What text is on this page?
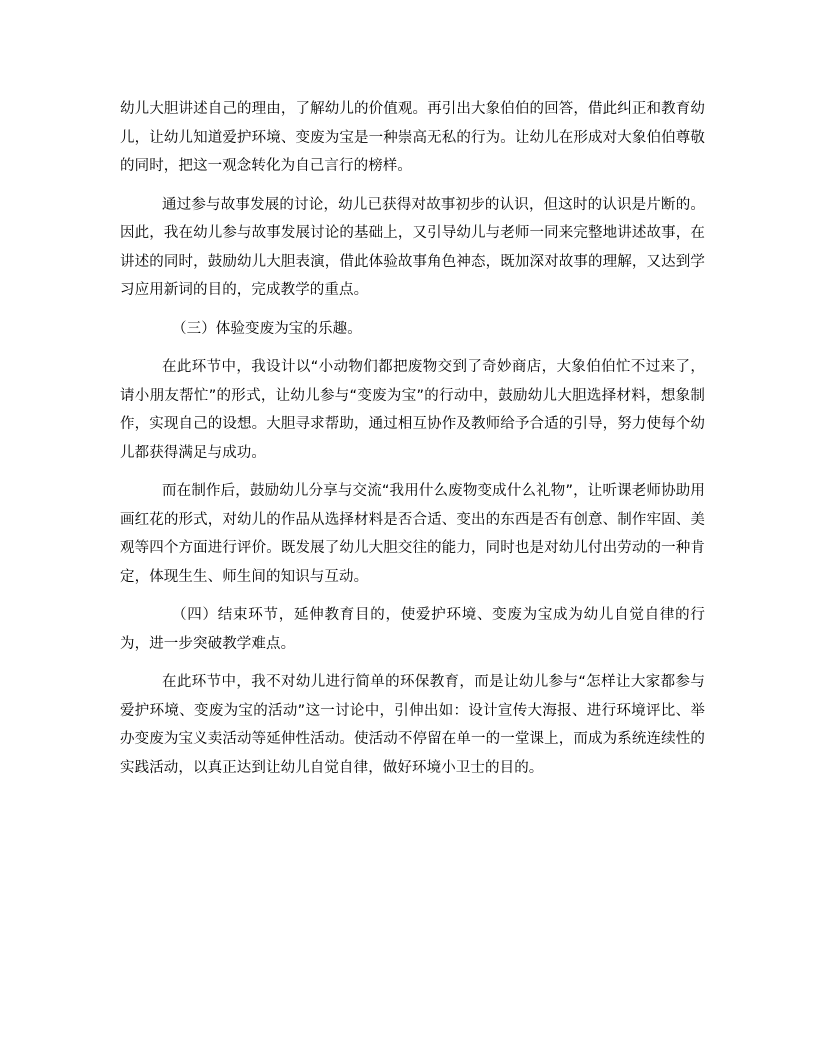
幼儿大胆讲述自己的理由，了解幼儿的价值观。再引出大象伯伯的回答，借此纠正和教育幼儿，让幼儿知道爱护环境、变废为宝是一种崇高无私的行为。让幼儿在形成对大象伯伯尊敬的同时，把这一观念转化为自己言行的榜样。

通过参与故事发展的讨论，幼儿已获得对故事初步的认识，但这时的认识是片断的。因此，我在幼儿参与故事发展讨论的基础上，又引导幼儿与老师一同来完整地讲述故事，在讲述的同时，鼓励幼儿大胆表演，借此体验故事角色神态，既加深对故事的理解，又达到学习应用新词的目的，完成教学的重点。

（三）体验变废为宝的乐趣。

在此环节中，我设计以“小动物们都把废物交到了奇妙商店，大象伯伯忙不过来了，请小朋友帮忙”的形式，让幼儿参与“变废为宝”的行动中，鼓励幼儿大胆选择材料，想象制作，实现自己的设想。大胆寻求帮助，通过相互协作及教师给予合适的引导，努力使每个幼儿都获得满足与成功。

而在制作后，鼓励幼儿分享与交流“我用什么废物变成什么礼物”，让听课老师协助用画红花的形式，对幼儿的作品从选择材料是否合适、变出的东西是否有创意、制作牢固、美观等四个方面进行评价。既发展了幼儿大胆交往的能力，同时也是对幼儿付出劳动的一种肯定，体现生生、师生间的知识与互动。

（四）结束环节，延伸教育目的，使爱护环境、变废为宝成为幼儿自觉自律的行为，进一步突破教学难点。

在此环节中，我不对幼儿进行简单的环保教育，而是让幼儿参与“怎样让大家都参与爱护环境、变废为宝的活动”这一讨论中，引伸出如：设计宣传大海报、进行环境评比、举办变废为宝义卖活动等延伸性活动。使活动不停留在单一的一堂课上，而成为系统连续性的实践活动，以真正达到让幼儿自觉自律，做好环境小卫士的目的。
